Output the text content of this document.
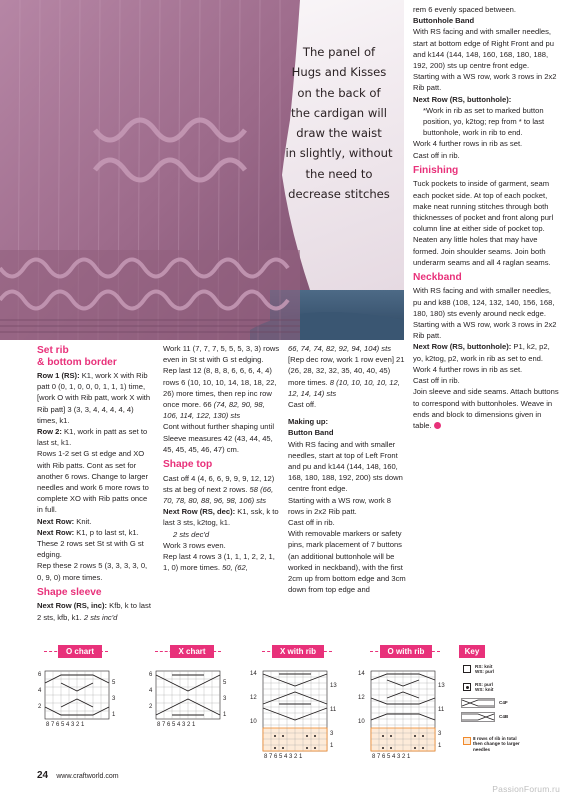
The panel of
Hugs and Kisses
on the back of
the cardigan will
draw the waist
in slightly, without
the need to
decrease stitches

rem 6 evenly spaced between.

Buttonhole Band

With RS facing and with smaller needles, start at bottom edge of Right Front and pu and k144 (144, 148, 160, 168, 180, 188, 192, 200) sts up centre front edge.

Starting with a WS row, work 3 rows in 2x2 Rib patt.

Next Row (RS, buttonhole):

*Work in rib as set to marked button position, yo, k2tog; rep from * to last buttonhole, work in rib to end.

Work 4 further rows in rib as set.

Cast off in rib.

Finishing

Tuck pockets to inside of garment, seam each pocket side. At top of each pocket, make neat running stitches through both thicknesses of pocket and front along purl column line at either side of pocket top. Neaten any little holes that may have formed. Join shoulder seams. Join both underarm seams and all 4 raglan seams.

Neckband

With RS facing and with smaller needles, pu and k88 (108, 124, 132, 140, 156, 168, 180, 180) sts evenly around neck edge.

Starting with a WS row, work 3 rows in 2x2 Rib patt.

Next Row (RS, buttonhole): P1, k2, p2, yo, k2tog, p2, work in rib as set to end.

Work 4 further rows in rib as set.

Cast off in rib.

Join sleeve and side seams. Attach buttons to correspond with buttonholes. Weave in ends and block to dimensions given in table.

Set rib
& bottom border

Row 1 (RS): K1, work X with Rib patt 0 (0, 1, 0, 0, 0, 1, 1, 1) time, [work O with Rib patt, work X with Rib patt] 3 (3, 3, 4, 4, 4, 4, 4) times, k1.

Row 2: K1, work in patt as set to last st, k1.

Rows 1-2 set G st edge and XO with Rib patts. Cont as set for another 6 rows. Change to larger needles and work 6 more rows to complete XO with Rib patts once in full.

Next Row: Knit.

Next Row: K1, p to last st, k1.

These 2 rows set St st with G st edging.

Rep these 2 rows 5 (3, 3, 3, 3, 0, 0, 9, 0) more times.

Shape sleeve

Next Row (RS, inc): Kfb, k to last 2 sts, kfb, k1. 2 sts inc'd

Work 11 (7, 7, 7, 5, 5, 5, 3, 3) rows even in St st with G st edging.

Rep last 12 (8, 8, 8, 6, 6, 6, 4, 4) rows 6 (10, 10, 10, 14, 18, 18, 22, 26) more times, then rep inc row once more. 66 (74, 82, 90, 98, 106, 114, 122, 130) sts

Cont without further shaping until Sleeve measures 42 (43, 44, 45, 45, 45, 45, 46, 47) cm.

Shape top

Cast off 4 (4, 6, 6, 9, 9, 9, 12, 12) sts at beg of next 2 rows. 58 (66, 70, 78, 80, 88, 96, 98, 106) sts

Next Row (RS, dec): K1, ssk, k to last 3 sts, k2tog, k1.

2 sts dec'd

Work 3 rows even.

Rep last 4 rows 3 (1, 1, 1, 2, 2, 1, 1, 0) more times. 50, (62,

66, 74, 74, 82, 92, 94, 104) sts

[Rep dec row, work 1 row even] 21 (26, 28, 32, 32, 35, 40, 40, 45) more times. 8 (10, 10, 10, 10, 12, 12, 14, 14) sts

Cast off.

Making up:

Button Band

With RS facing and with smaller needles, start at top of Left Front and pu and k144 (144, 148, 160, 168, 180, 188, 192, 200) sts down centre front edge.

Starting with a WS row, work 8 rows in 2x2 Rib patt.

Cast off in rib.

With removable markers or safety pins, mark placement of 7 buttons (an additional buttonhole will be worked in neckband), with the first 2cm up from bottom edge and 3cm down from top edge and

O chart
8 7 6 5 4 3 2 1
6
5
4
3
2
1
X chart
8 7 6 5 4 3 2 1
6
5
4
3
2
1
X with rib
8 7 6 5 4 3 2 1
14
13
12
11
10
3
1
O with rib
8 7 6 5 4 3 2 1
14
13
12
11
10
3
1
Key
RS: knit
WS: purl
RS: purl
WS: knit
C4F
C4B
8 rows of rib in total
then change to larger
needles
24 www.craftworld.com
PassionForum.ru
